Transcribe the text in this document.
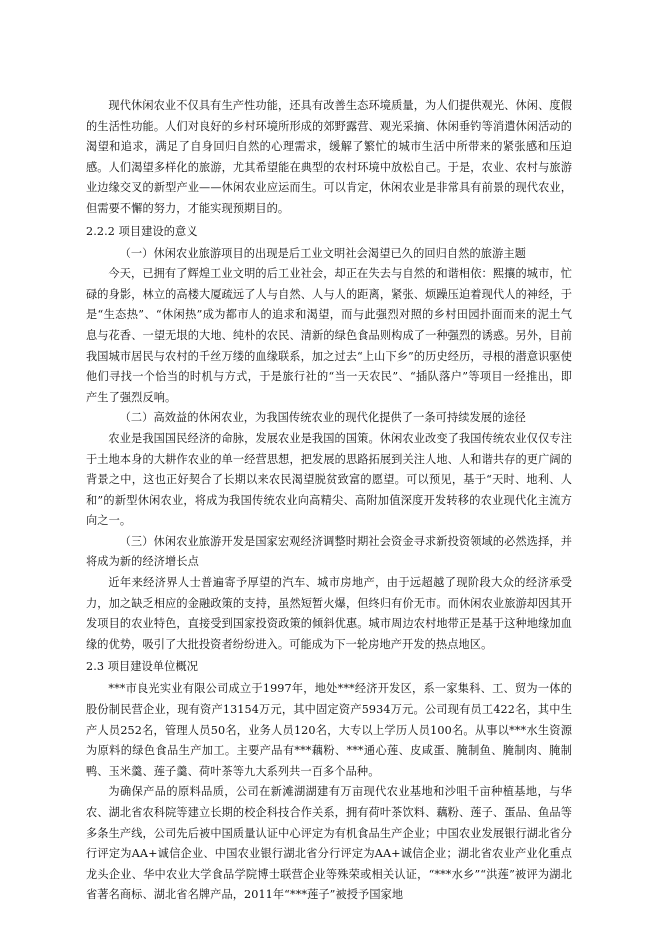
现代休闲农业不仅具有生产性功能，还具有改善生态环境质量，为人们提供观光、休闲、度假的生活性功能。人们对良好的乡村环境所形成的郊野露营、观光采摘、休闲垂钓等消遣休闲活动的渴望和追求，满足了自身回归自然的心理需求，缓解了繁忙的城市生活中所带来的紧张感和压迫感。人们渴望多样化的旅游，尤其希望能在典型的农村环境中放松自己。于是，农业、农村与旅游业边缘交叉的新型产业——休闲农业应运而生。可以肯定，休闲农业是非常具有前景的现代农业，但需要不懈的努力，才能实现预期目的。

2.2.2 项目建设的意义

（一）休闲农业旅游项目的出现是后工业文明社会渴望已久的回归自然的旅游主题

今天，已拥有了辉煌工业文明的后工业社会，却正在失去与自然的和谐相依：熙攘的城市，忙碌的身影，林立的高楼大厦疏远了人与自然、人与人的距离，紧张、烦躁压迫着现代人的神经，于是“生态热”、“休闲热”成为都市人的追求和渴望，而与此强烈对照的乡村田园扑面而来的泥土气息与花香、一望无垠的大地、纯朴的农民、清新的绿色食品则构成了一种强烈的诱惑。另外，目前我国城市居民与农村的千丝万缕的血缘联系，加之过去“上山下乡”的历史经历，寻根的潜意识驱使他们寻找一个恰当的时机与方式，于是旅行社的“当一天农民”、“插队落户”等项目一经推出，即产生了强烈反响。

（二）高效益的休闲农业，为我国传统农业的现代化提供了一条可持续发展的途径

农业是我国国民经济的命脉，发展农业是我国的国策。休闲农业改变了我国传统农业仅仅专注于土地本身的大耕作农业的单一经营思想，把发展的思路拓展到关注人地、人和谐共存的更广阔的背景之中，这也正好契合了长期以来农民渴望脱贫致富的愿望。可以预见，基于“天时、地利、人和”的新型休闲农业，将成为我国传统农业向高精尖、高附加值深度开发转移的农业现代化主流方向之一。

（三）休闲农业旅游开发是国家宏观经济调整时期社会资金寻求新投资领域的必然选择，并将成为新的经济增长点

近年来经济界人士普遍寄予厚望的汽车、城市房地产，由于远超越了现阶段大众的经济承受力，加之缺乏相应的金融政策的支持，虽然短暂火爆，但终归有价无市。而休闲农业旅游却因其开发项目的农业特色，直接受到国家投资政策的倾斜优惠。城市周边农村地带正是基于这种地缘加血缘的优势，吸引了大批投资者纷纷进入。可能成为下一轮房地产开发的热点地区。

2.3 项目建设单位概况

***市良光实业有限公司成立于1997年，地处***经济开发区，系一家集科、工、贸为一体的股份制民营企业，现有资产13154万元，其中固定资产5934万元。公司现有员工422名，其中生产人员252名，管理人员50名，业务人员120名，大专以上学历人员100名。从事以***水生资源为原料的绿色食品生产加工。主要产品有***藕粉、***通心莲、皮咸蛋、腌制鱼、腌制肉、腌制鸭、玉米羹、莲子羹、荷叶茶等九大系列共一百多个品种。

为确保产品的原料品质，公司在新滩湖湖建有万亩现代农业基地和沙咀千亩种植基地，与华农、湖北省农科院等建立长期的校企科技合作关系，拥有荷叶茶饮料、藕粉、莲子、蛋品、鱼品等多条生产线，公司先后被中国质量认证中心评定为有机食品生产企业；中国农业发展银行湖北省分行评定为AA+诚信企业、中国农业银行湖北省分行评定为AA+诚信企业；湖北省农业产业化重点龙头企业、华中农业大学食品学院博士联营企业等殊荣或相关认证，“***水乡”“洪莲”被评为湖北省著名商标、湖北省名牌产品，2011年“***莲子”被授予国家地
